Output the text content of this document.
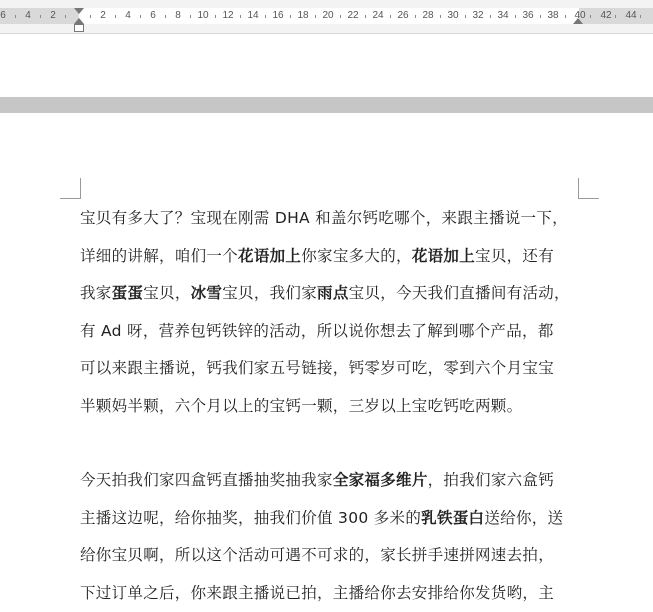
6 4 2	2 4 6 8 10 12 14 16 18 20 22 24 26 28 30 32 34 36 38 40 42 44
宝贝有多大了？宝现在刚需 DHA 和盖尔钙吃哪个，来跟主播说一下，
详细的讲解，咱们一个花语加上你家宝多大的，花语加上宝贝，还有
我家蛋蛋宝贝，冰雪宝贝，我们家雨点宝贝，今天我们直播间有活动，
有 Ad 呀，营养包钙铁锌的活动，所以说你想去了解到哪个产品，都
可以来跟主播说，钙我们家五号链接，钙零岁可吃，零到六个月宝宝
半颗妈半颗，六个月以上的宝钙一颗，三岁以上宝吃钙吃两颗。
今天拍我们家四盒钙直播抽奖抽我家全家福多维片，拍我们家六盒钙
主播这边呢，给你抽奖，抽我们价值 300 多米的乳铁蛋白送给你，送
给你宝贝啊，所以这个活动可遇不可求的，家长拼手速拼网速去拍，
下过订单之后，你来跟主播说已拍，主播给你去安排给你发货哟，主
